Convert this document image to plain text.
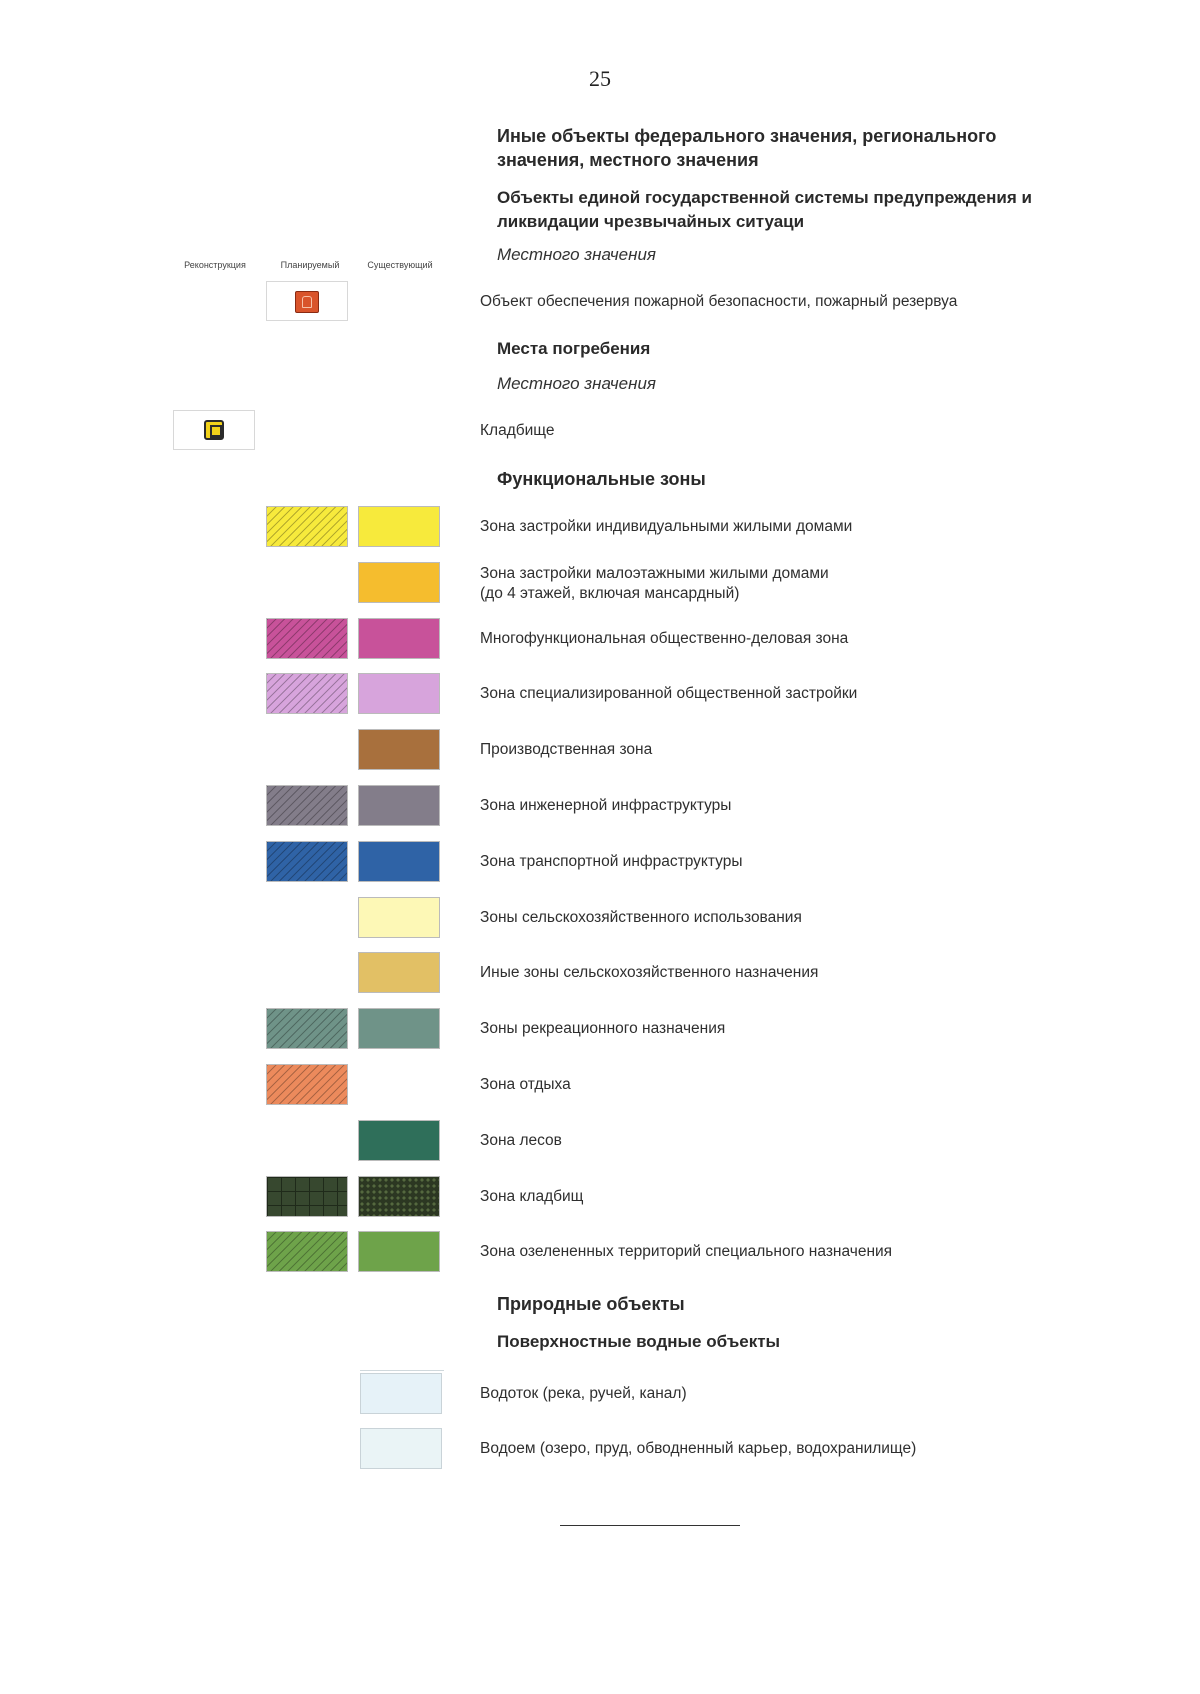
25
Иные объекты федерального значения, регионального значения, местного значения
Объекты единой государственной системы предупреждения и ликвидации чрезвычайных ситуаци
Местного значения
Реконструкция	Планируемый	Существующий
Объект обеспечения пожарной безопасности, пожарный резервуа
Места погребения
Местного значения
Кладбище
Функциональные зоны
Зона застройки индивидуальными жилыми домами
Зона застройки малоэтажными жилыми домами
(до 4 этажей, включая мансардный)
Многофункциональная общественно-деловая зона
Зона специализированной общественной застройки
Производственная зона
Зона инженерной инфраструктуры
Зона транспортной инфраструктуры
Зоны сельскохозяйственного использования
Иные зоны сельскохозяйственного назначения
Зоны рекреационного назначения
Зона отдыха
Зона лесов
Зона кладбищ
Зона озелененных территорий специального назначения
Природные объекты
Поверхностные водные объекты
Водоток (река, ручей, канал)
Водоем (озеро, пруд, обводненный карьер, водохранилище)
